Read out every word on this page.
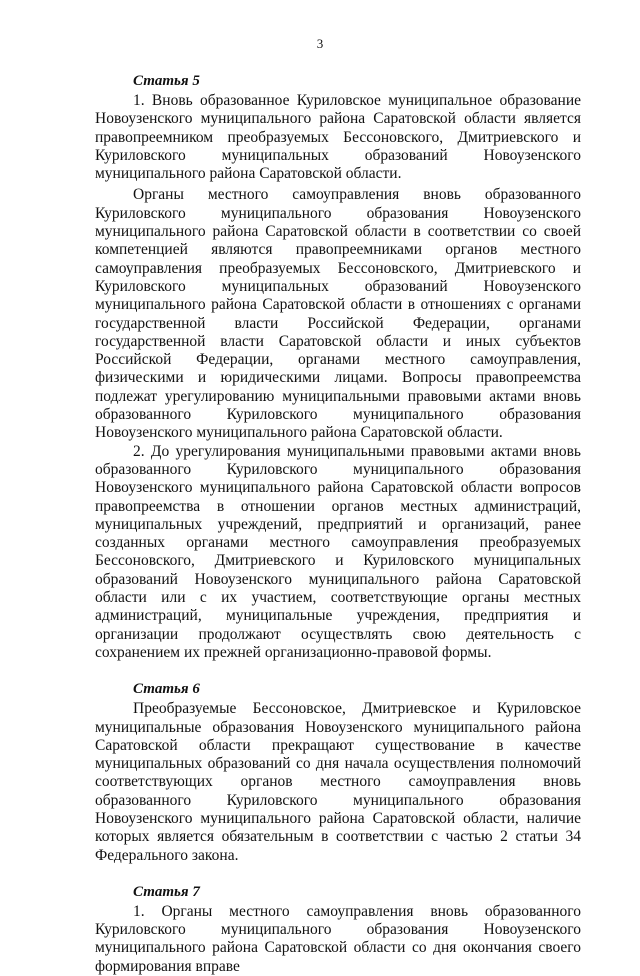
3
Статья 5

1. Вновь образованное Куриловское муниципальное образование Новоузенского муниципального района Саратовской области является правопреемником преобразуемых Бессоновского, Дмитриевского и Куриловского муниципальных образований Новоузенского муниципального района Саратовской области.

Органы местного самоуправления вновь образованного Куриловского муниципального образования Новоузенского муниципального района Саратовской области в соответствии со своей компетенцией являются правопреемниками органов местного самоуправления преобразуемых Бессоновского, Дмитриевского и Куриловского муниципальных образований Новоузенского муниципального района Саратовской области в отношениях с органами государственной власти Российской Федерации, органами государственной власти Саратовской области и иных субъектов Российской Федерации, органами местного самоуправления, физическими и юридическими лицами. Вопросы правопреемства подлежат урегулированию муниципальными правовыми актами вновь образованного Куриловского муниципального образования Новоузенского муниципального района Саратовской области.

2. До урегулирования муниципальными правовыми актами вновь образованного Куриловского муниципального образования Новоузенского муниципального района Саратовской области вопросов правопреемства в отношении органов местных администраций, муниципальных учреждений, предприятий и организаций, ранее созданных органами местного самоуправления преобразуемых Бессоновского, Дмитриевского и Куриловского муниципальных образований Новоузенского муниципального района Саратовской области или с их участием, соответствующие органы местных администраций, муниципальные учреждения, предприятия и организации продолжают осуществлять свою деятельность с сохранением их прежней организационно-правовой формы.

Статья 6

Преобразуемые Бессоновское, Дмитриевское и Куриловское муниципальные образования Новоузенского муниципального района Саратовской области прекращают существование в качестве муниципальных образований со дня начала осуществления полномочий соответствующих органов местного самоуправления вновь образованного Куриловского муниципального образования Новоузенского муниципального района Саратовской области, наличие которых является обязательным в соответствии с частью 2 статьи 34 Федерального закона.

Статья 7

1. Органы местного самоуправления вновь образованного Куриловского муниципального образования Новоузенского муниципального района Саратовской области со дня окончания своего формирования вправе
